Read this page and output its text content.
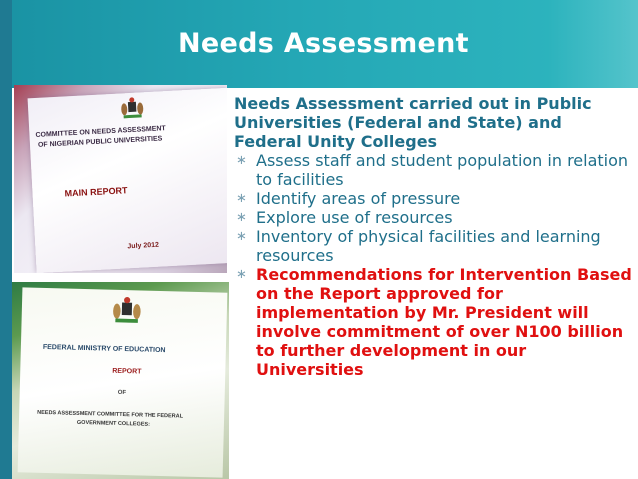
Needs Assessment
COMMITTEE ON NEEDS ASSESSMENT
OF NIGERIAN PUBLIC UNIVERSITIES
MAIN REPORT
July 2012
FEDERAL MINISTRY OF EDUCATION
REPORT
OF
NEEDS ASSESSMENT COMMITTEE FOR THE FEDERAL
GOVERNMENT COLLEGES:

Needs Assessment carried out in Public Universities (Federal and State) and Federal Unity Colleges

∗ Assess staff and student population in relation to facilities
∗ Identify areas of pressure
∗ Explore use of resources
∗ Inventory of physical facilities and learning resources
∗ Recommendations for Intervention Based on the Report approved for implementation by Mr. President will involve commitment of over N100 billion to further development in our Universities
